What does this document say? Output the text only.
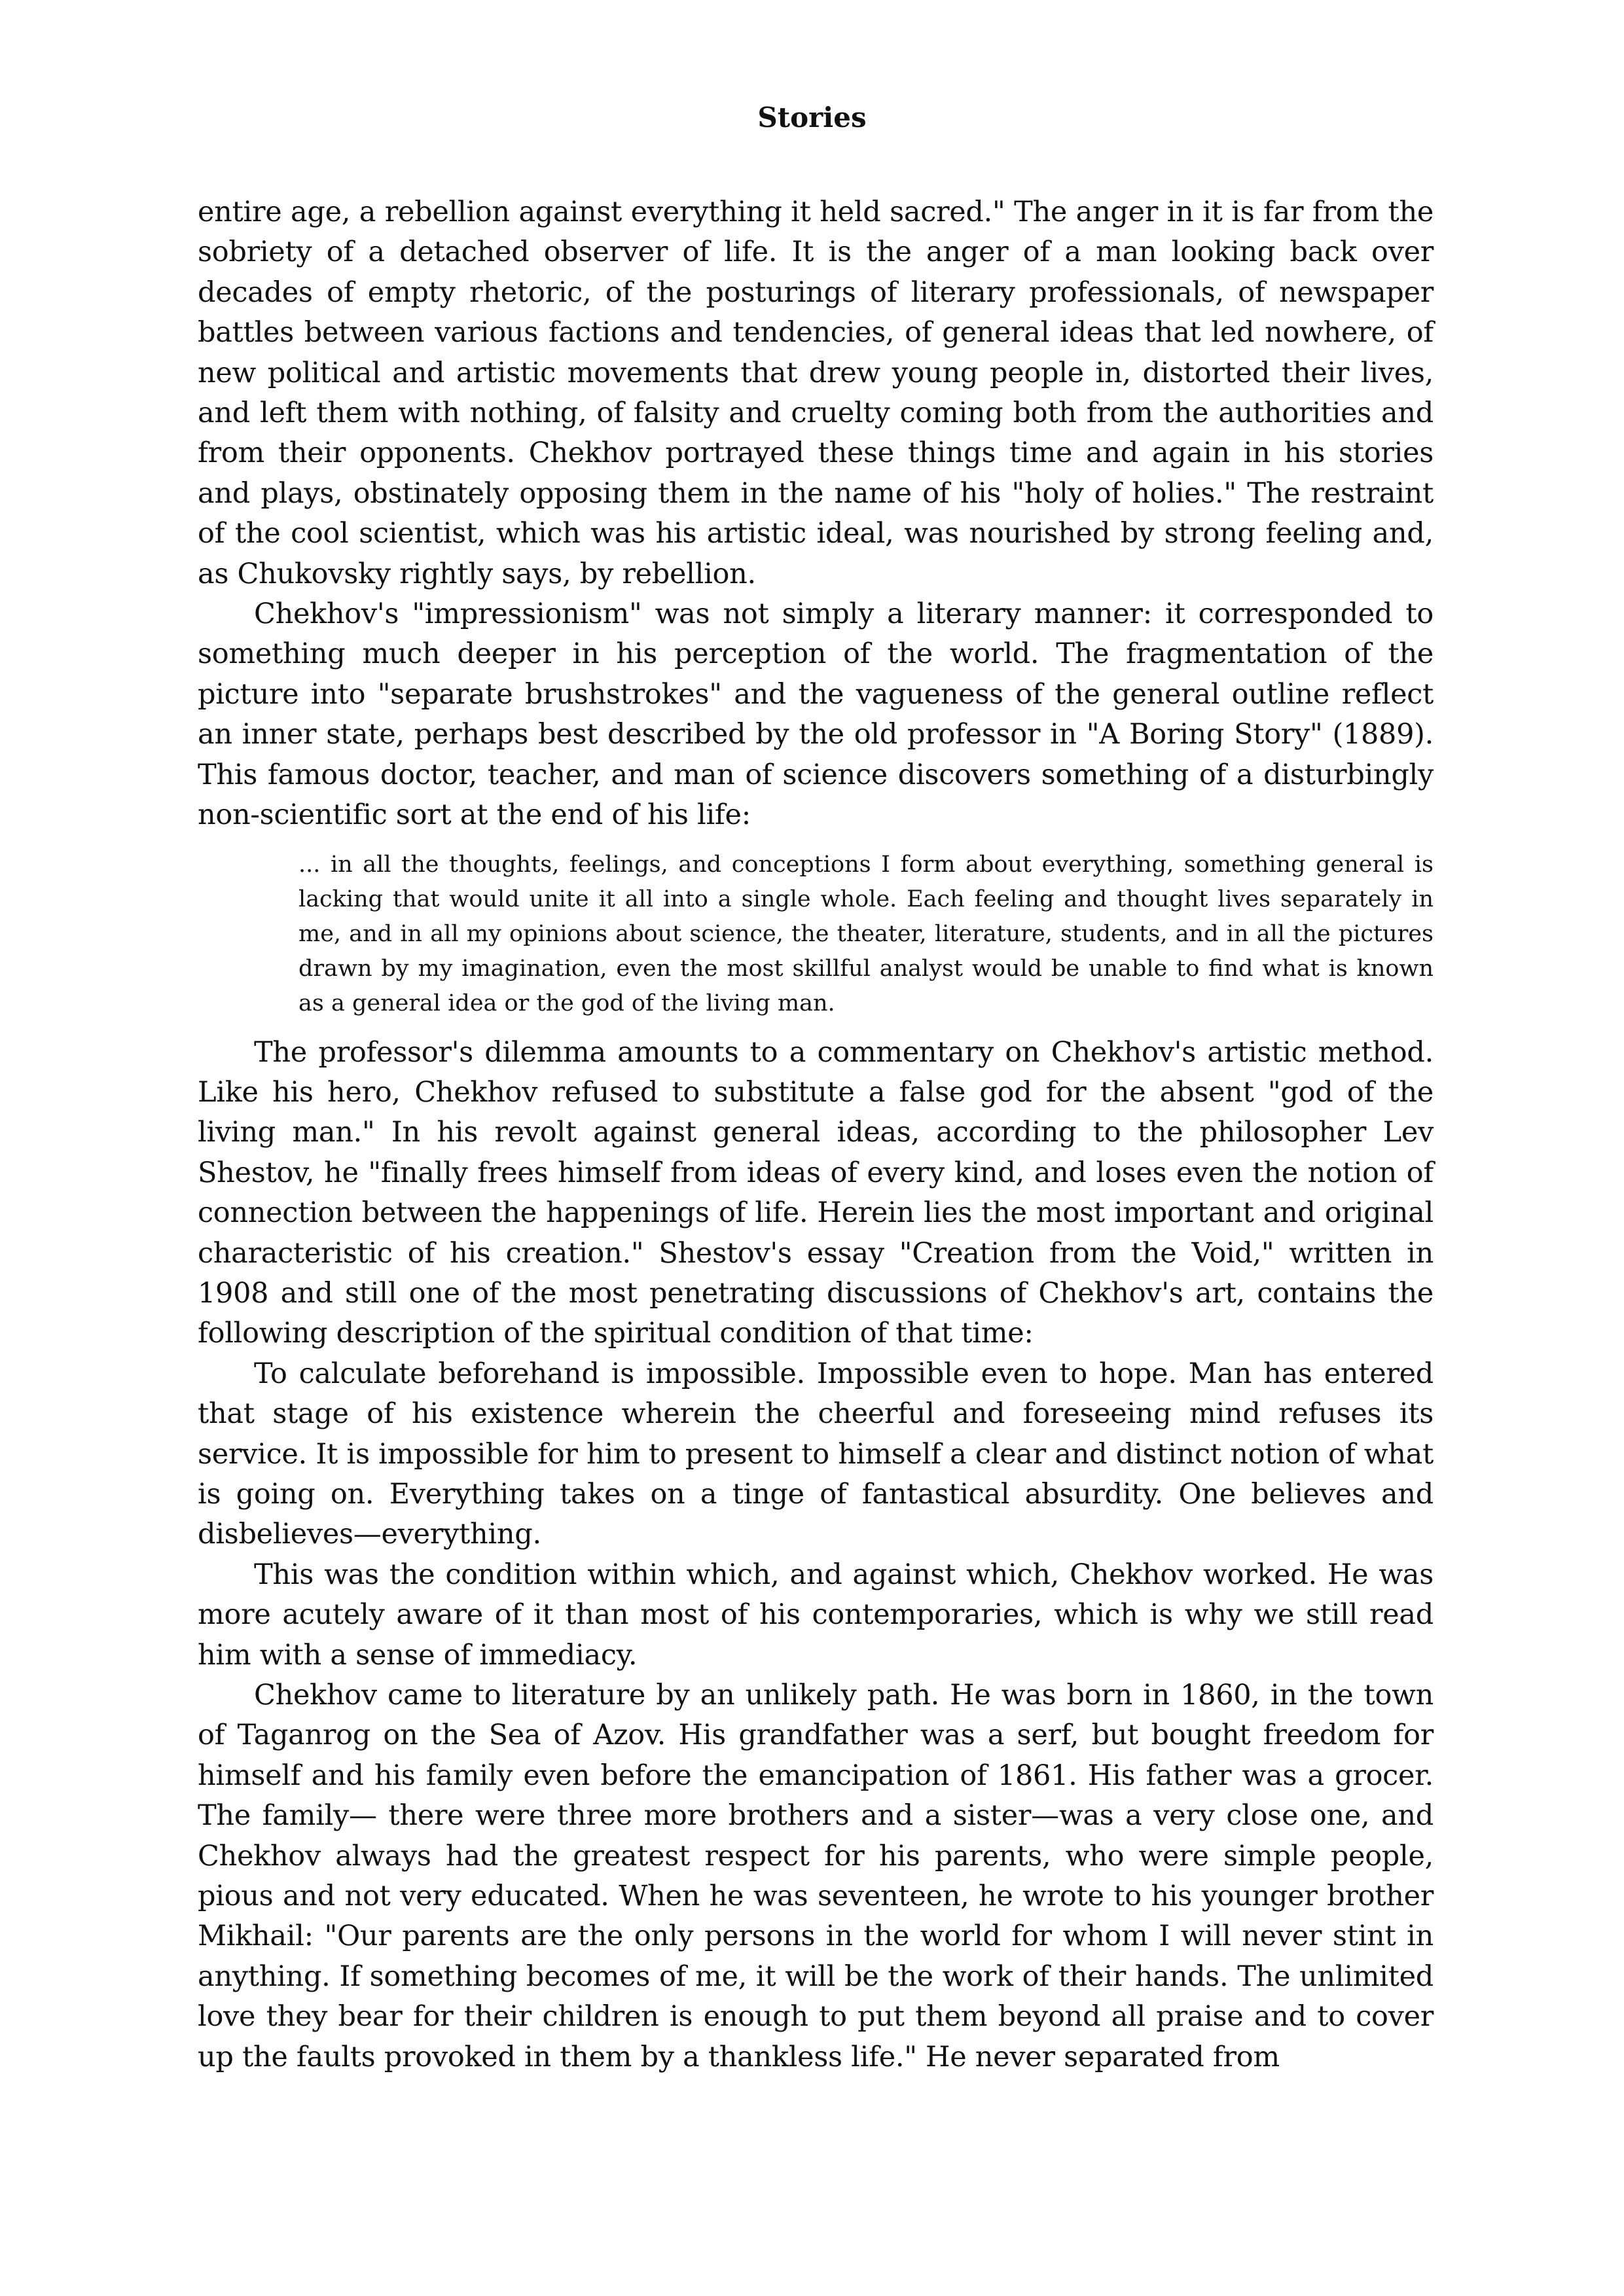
Stories

entire age, a rebellion against everything it held sacred." The anger in it is far from the sobriety of a detached observer of life. It is the anger of a man looking back over decades of empty rhetoric, of the posturings of literary professionals, of newspaper battles between various factions and tendencies, of general ideas that led nowhere, of new political and artistic movements that drew young people in, distorted their lives, and left them with nothing, of falsity and cruelty coming both from the authorities and from their opponents. Chekhov portrayed these things time and again in his stories and plays, obstinately opposing them in the name of his "holy of holies." The restraint of the cool scientist, which was his artistic ideal, was nourished by strong feeling and, as Chukovsky rightly says, by rebellion.

Chekhov's "impressionism" was not simply a literary manner: it corresponded to something much deeper in his perception of the world. The fragmentation of the picture into "separate brushstrokes" and the vagueness of the general outline reflect an inner state, perhaps best described by the old professor in "A Boring Story" (1889). This famous doctor, teacher, and man of science discovers something of a disturbingly non-scientific sort at the end of his life:

... in all the thoughts, feelings, and conceptions I form about everything, something general is lacking that would unite it all into a single whole. Each feeling and thought lives separately in me, and in all my opinions about science, the theater, literature, students, and in all the pictures drawn by my imagination, even the most skillful analyst would be unable to find what is known as a general idea or the god of the living man.

The professor's dilemma amounts to a commentary on Chekhov's artistic method. Like his hero, Chekhov refused to substitute a false god for the absent "god of the living man." In his revolt against general ideas, according to the philosopher Lev Shestov, he "finally frees himself from ideas of every kind, and loses even the notion of connection between the happenings of life. Herein lies the most important and original characteristic of his creation." Shestov's essay "Creation from the Void," written in 1908 and still one of the most penetrating discussions of Chekhov's art, contains the following description of the spiritual condition of that time:

To calculate beforehand is impossible. Impossible even to hope. Man has entered that stage of his existence wherein the cheerful and foreseeing mind refuses its service. It is impossible for him to present to himself a clear and distinct notion of what is going on. Everything takes on a tinge of fantastical absurdity. One believes and disbelieves—everything.

This was the condition within which, and against which, Chekhov worked. He was more acutely aware of it than most of his contemporaries, which is why we still read him with a sense of immediacy.

Chekhov came to literature by an unlikely path. He was born in 1860, in the town of Taganrog on the Sea of Azov. His grandfather was a serf, but bought freedom for himself and his family even before the emancipation of 1861. His father was a grocer. The family— there were three more brothers and a sister—was a very close one, and Chekhov always had the greatest respect for his parents, who were simple people, pious and not very educated. When he was seventeen, he wrote to his younger brother Mikhail: "Our parents are the only persons in the world for whom I will never stint in anything. If something becomes of me, it will be the work of their hands. The unlimited love they bear for their children is enough to put them beyond all praise and to cover up the faults provoked in them by a thankless life." He never separated from
